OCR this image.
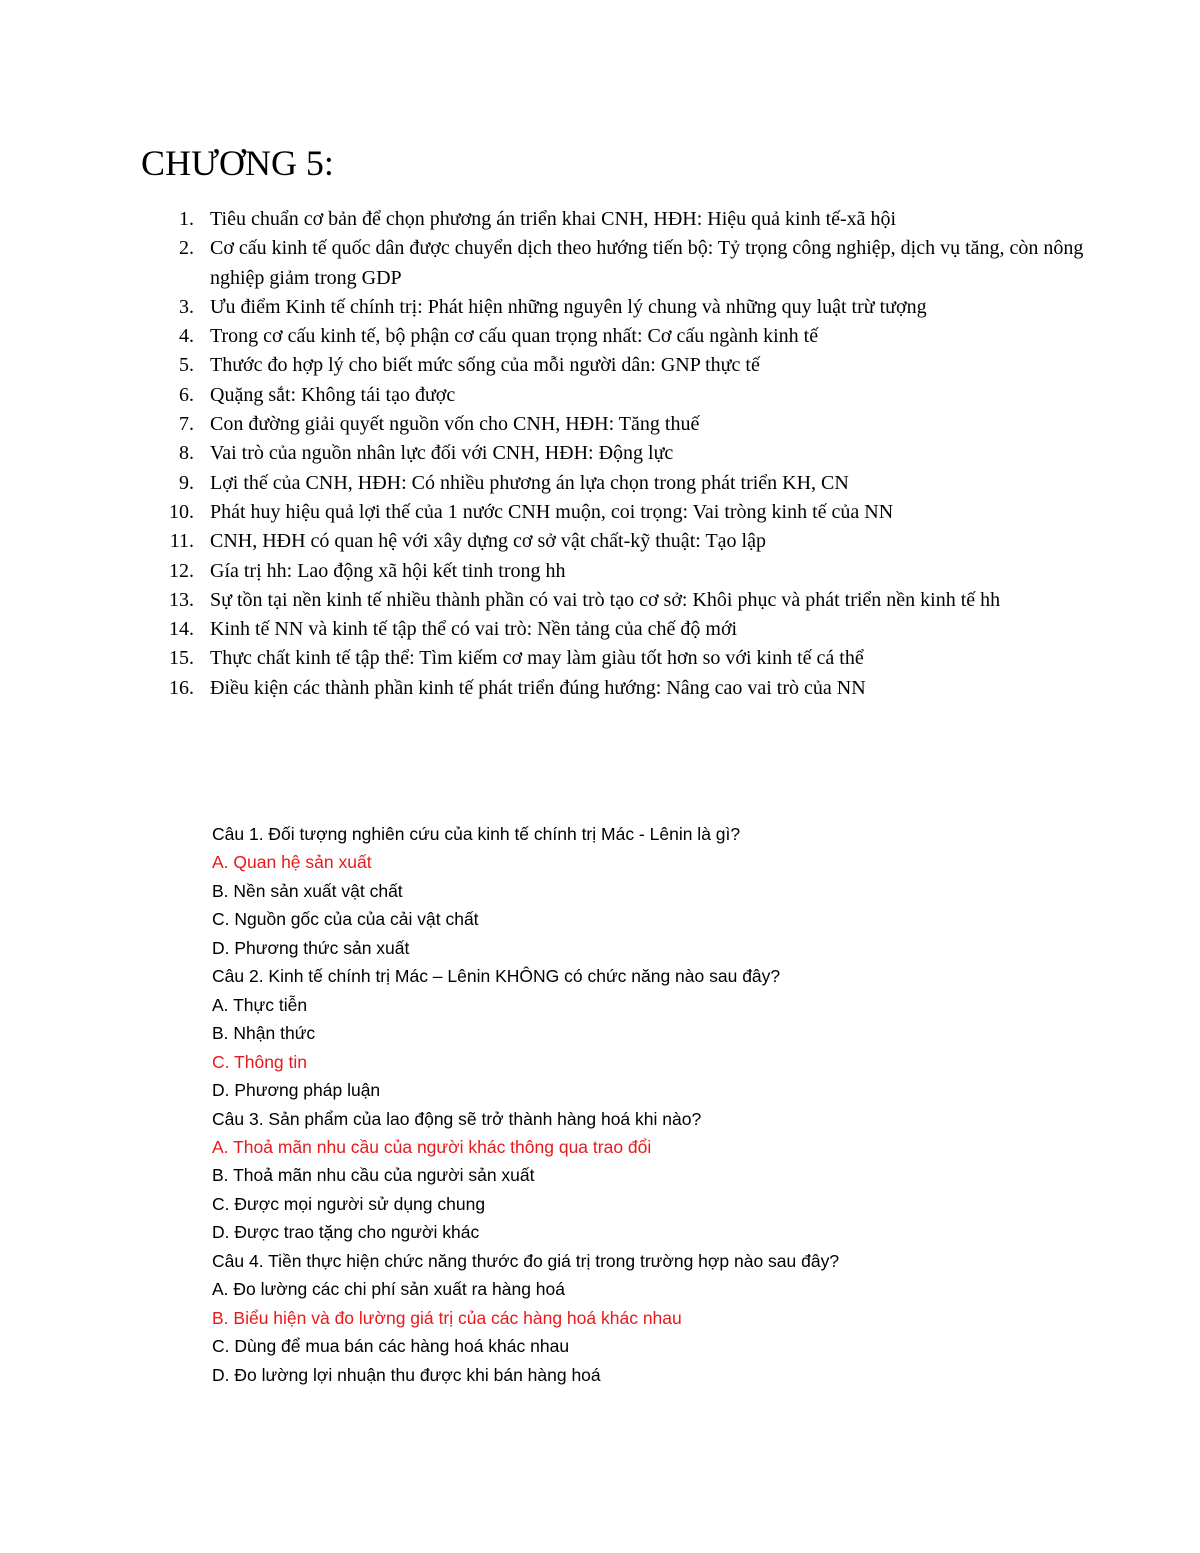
CHƯƠNG 5:
1. Tiêu chuẩn cơ bản để chọn phương án triển khai CNH, HĐH: Hiệu quả kinh tế-xã hội
2. Cơ cấu kinh tế quốc dân được chuyển dịch theo hướng tiến bộ: Tỷ trọng công nghiệp, dịch vụ tăng, còn nông nghiệp giảm trong GDP
3. Ưu điểm Kinh tế chính trị: Phát hiện những nguyên lý chung và những quy luật trừ tượng
4. Trong cơ cấu kinh tế, bộ phận cơ cấu quan trọng nhất: Cơ cấu ngành kinh tế
5. Thước đo hợp lý cho biết mức sống của mỗi người dân: GNP thực tế
6. Quặng sắt: Không tái tạo được
7. Con đường giải quyết nguồn vốn cho CNH, HĐH: Tăng thuế
8. Vai trò của nguồn nhân lực đối với CNH, HĐH: Động lực
9. Lợi thế của CNH, HĐH: Có nhiều phương án lựa chọn trong phát triển KH, CN
10. Phát huy hiệu quả lợi thế của 1 nước CNH muộn, coi trọng: Vai tròng kinh tế của NN
11. CNH, HĐH có quan hệ với xây dựng cơ sở vật chất-kỹ thuật: Tạo lập
12. Gía trị hh: Lao động xã hội kết tinh trong hh
13. Sự tồn tại nền kinh tế nhiều thành phần có vai trò tạo cơ sở: Khôi phục và phát triển nền kinh tế hh
14. Kinh tế NN và kinh tế tập thể có vai trò: Nền tảng của chế độ mới
15. Thực chất kinh tế tập thể: Tìm kiếm cơ may làm giàu tốt hơn so với kinh tế cá thể
16. Điều kiện các thành phần kinh tế phát triển đúng hướng: Nâng cao vai trò của NN
Câu 1. Đối tượng nghiên cứu của kinh tế chính trị Mác - Lênin là gì?
A. Quan hệ sản xuất
B. Nền sản xuất vật chất
C. Nguồn gốc của của cải vật chất
D. Phương thức sản xuất
Câu 2. Kinh tế chính trị Mác – Lênin KHÔNG có chức năng nào sau đây?
A. Thực tiễn
B. Nhận thức
C. Thông tin
D. Phương pháp luận
Câu 3. Sản phẩm của lao động sẽ trở thành hàng hoá khi nào?
A. Thoả mãn nhu cầu của người khác thông qua trao đổi
B. Thoả mãn nhu cầu của người sản xuất
C. Được mọi người sử dụng chung
D. Được trao tặng cho người khác
Câu 4. Tiền thực hiện chức năng thước đo giá trị trong trường hợp nào sau đây?
A. Đo lường các chi phí sản xuất ra hàng hoá
B. Biểu hiện và đo lường giá trị của các hàng hoá khác nhau
C. Dùng để mua bán các hàng hoá khác nhau
D. Đo lường lợi nhuận thu được khi bán hàng hoá
